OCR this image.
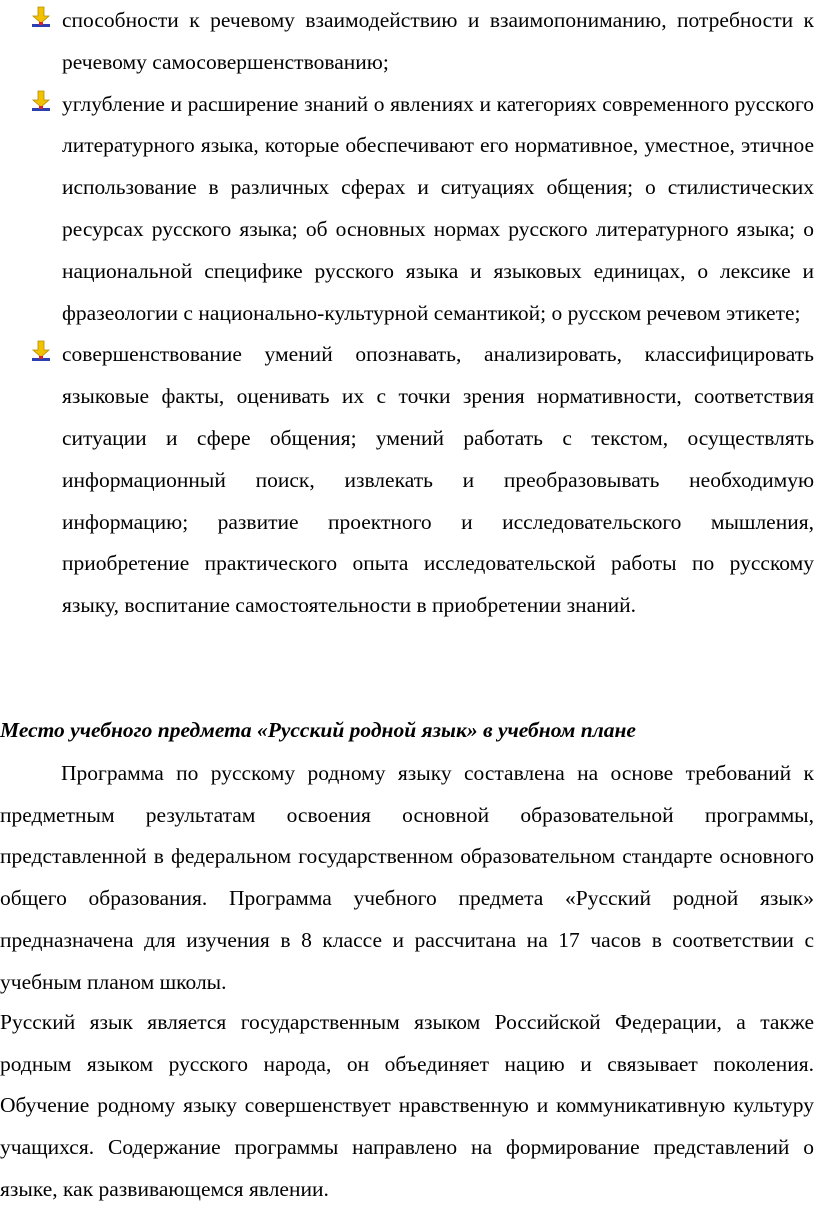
способности к речевому взаимодействию и взаимопониманию, потребности к речевому самосовершенствованию;
углубление и расширение знаний о явлениях и категориях современного русского литературного языка, которые обеспечивают его нормативное, уместное, этичное использование в различных сферах и ситуациях общения; о стилистических ресурсах русского языка; об основных нормах русского литературного языка; о национальной специфике русского языка и языковых единицах, о лексике и фразеологии с национально-культурной семантикой; о русском речевом этикете;
совершенствование умений опознавать, анализировать, классифицировать языковые факты, оценивать их с точки зрения нормативности, соответствия ситуации и сфере общения; умений работать с текстом, осуществлять информационный поиск, извлекать и преобразовывать необходимую информацию; развитие проектного и исследовательского мышления, приобретение практического опыта исследовательской работы по русскому языку, воспитание самостоятельности в приобретении знаний.
Место учебного предмета «Русский родной язык» в учебном плане

Программа по русскому родному языку составлена на основе требований к предметным результатам освоения основной образовательной программы, представленной в федеральном государственном образовательном стандарте основного общего образования. Программа учебного предмета «Русский родной язык» предназначена для изучения в 8 классе и рассчитана на 17 часов в соответствии с учебным планом школы.

Русский язык является государственным языком Российской Федерации, а также родным языком русского народа, он объединяет нацию и связывает поколения. Обучение родному языку совершенствует нравственную и коммуникативную культуру учащихся. Содержание программы направлено на формирование представлений о языке, как развивающемся явлении.
